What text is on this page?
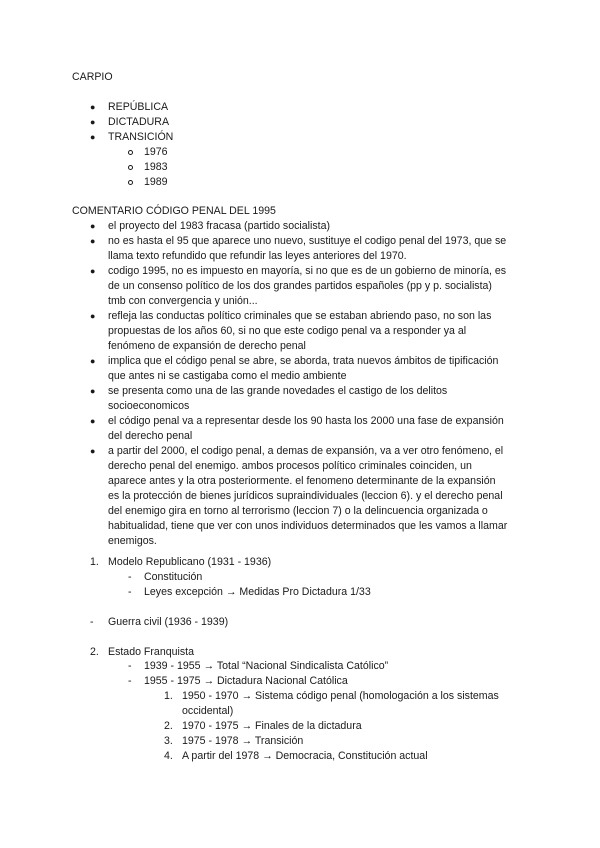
CARPIO
● REPÚBLICA
● DICTADURA
● TRANSICIÓN
1976
1983
1989
COMENTARIO CÓDIGO PENAL DEL 1995
● el proyecto del 1983 fracasa (partido socialista)
● no es hasta el 95 que aparece uno nuevo, sustituye el codigo penal del 1973, que se
llama texto refundido que refundir las leyes anteriores del 1970.
● codigo 1995, no es impuesto en mayoría, si no que es de un gobierno de minoría, es
de un consenso político de los dos grandes partidos españoles (pp y p. socialista)
tmb con convergencia y unión...
● refleja las conductas político criminales que se estaban abriendo paso, no son las
propuestas de los años 60, si no que este codigo penal va a responder ya al
fenómeno de expansión de derecho penal
● implica que el código penal se abre, se aborda, trata nuevos ámbitos de tipificación
que antes ni se castigaba como el medio ambiente
● se presenta como una de las grande novedades el castigo de los delitos
socioeconomicos
● el código penal va a representar desde los 90 hasta los 2000 una fase de expansión
del derecho penal
● a partir del 2000, el codigo penal, a demas de expansión, va a ver otro fenómeno, el
derecho penal del enemigo. ambos procesos político criminales coinciden, un
aparece antes y la otra posteriormente. el fenomeno determinante de la expansión
es la protección de bienes jurídicos supraindividuales (leccion 6). y el derecho penal
del enemigo gira en torno al terrorismo (leccion 7) o la delincuencia organizada o
habitualidad, tiene que ver con unos individuos determinados que les vamos a llamar
enemigos.
1. Modelo Republicano (1931 - 1936)
- Constitución
- Leyes excepción → Medidas Pro Dictadura 1/33
- Guerra civil (1936 - 1939)
2. Estado Franquista
- 1939 - 1955 → Total “Nacional Sindicalista Católico”
- 1955 - 1975 → Dictadura Nacional Católica
1. 1950 - 1970 → Sistema código penal (homologación a los sistemas
occidental)
2. 1970 - 1975 → Finales de la dictadura
3. 1975 - 1978 → Transición
4. A partir del 1978 → Democracia, Constitución actual
